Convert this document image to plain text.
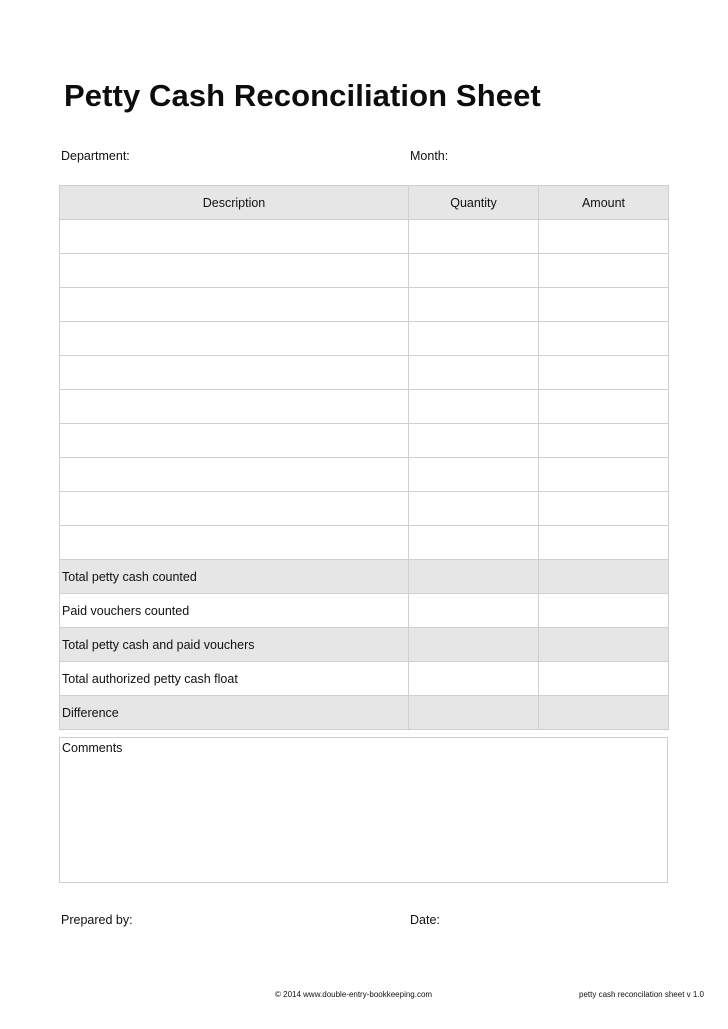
Petty Cash Reconciliation Sheet
Department:	Month:
Description	Quantity	Amount

Total petty cash counted		
Paid vouchers counted		
Total petty cash and paid vouchers		
Total authorized petty cash float		
Difference		
Comments
Prepared by:	Date:
© 2014 www.double-entry-bookkeeping.com	petty cash reconcilation sheet v 1.0
